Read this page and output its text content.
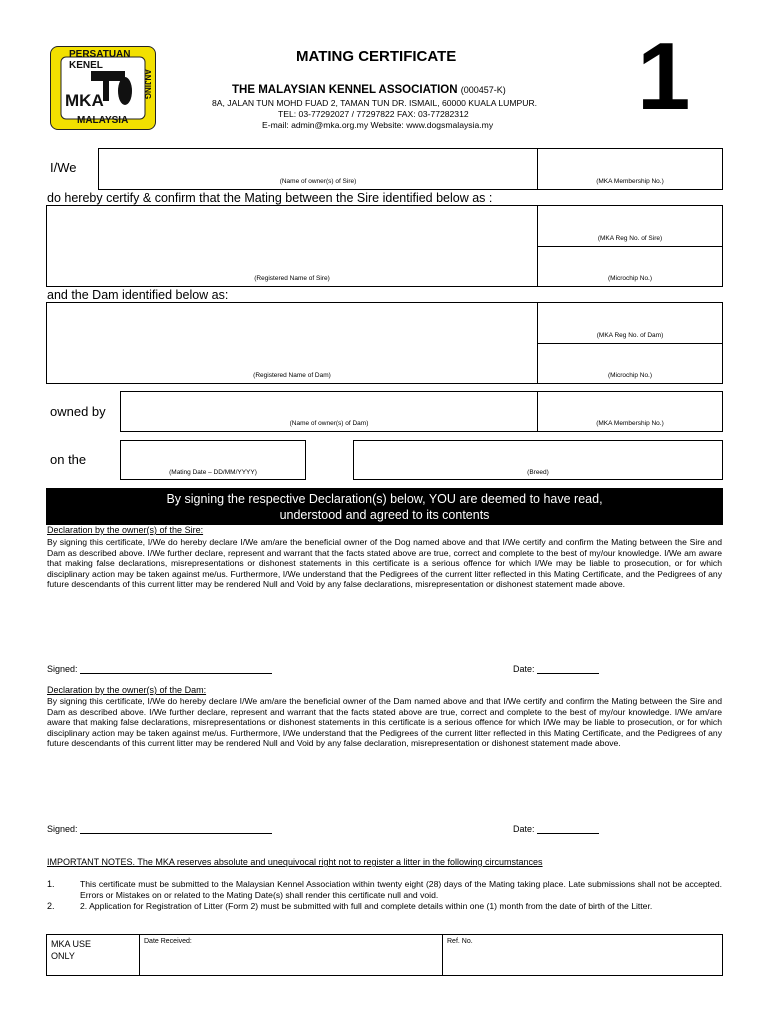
PERSATUAN KENEL
MKA
MALAYSIA
ANJING
MATING CERTIFICATE 1
THE MALAYSIAN KENNEL ASSOCIATION (000457-K)
8A, JALAN TUN MOHD FUAD 2, TAMAN TUN DR. ISMAIL, 60000 KUALA LUMPUR.
TEL: 03-77292027 / 77297822 FAX: 03-77282312
E-mail: admin@mka.org.my Website: www.dogsmalaysia.my
I/We
(Name of owner(s) of Sire)	(MKA Membership No.)
do hereby certify & confirm that the Mating between the Sire identified below as :
(MKA Reg No. of Sire)
(Registered Name of Sire)	(Microchip No.)
and the Dam identified below as:
(MKA Reg No. of Dam)
(Registered Name of Dam)	(Microchip No.)
owned by
(Name of owner(s) of Dam)	(MKA Membership No.)
on the
(Mating Date – DD/MM/YYYY)	(Breed)
By signing the respective Declaration(s) below, YOU are deemed to have read,
understood and agreed to its contents
Declaration by the owner(s) of the Sire:
By signing this certificate, I/We do hereby declare I/We am/are the beneficial owner of the Dog named above and that I/We certify and confirm the Mating between the Sire and Dam as described above. I/We further declare, represent and warrant that the facts stated above are true, correct and complete to the best of my/our knowledge. I/We am aware that making false declarations, misrepresentations or dishonest statements in this certificate is a serious offence for which I/We may be liable to prosecution, or for which disciplinary action may be taken against me/us. Furthermore, I/We understand that the Pedigrees of the current litter reflected in this Mating Certificate, and the Pedigrees of any future descendants of this current litter may be rendered Null and Void by any false declarations, misrepresentation or dishonest statement made above.
Signed:	Date:
Declaration by the owner(s) of the Dam:
By signing this certificate, I/We do hereby declare I/We am/are the beneficial owner of the Dam named above and that I/We certify and confirm the Mating between the Sire and Dam as described above. I/We further declare, represent and warrant that the facts stated above are true, correct and complete to the best of my/our knowledge. I/We am/are aware that making false declarations, misrepresentations or dishonest statements in this certificate is a serious offence for which I/We may be liable to prosecution, or for which disciplinary action may be taken against me/us. Furthermore, I/We understand that the Pedigrees of the current litter reflected in this Mating Certificate, and the Pedigrees of any future descendants of this current litter may be rendered Null and Void by any false declaration, misrepresentation or dishonest statement made above.
Signed:	Date:
IMPORTANT NOTES. The MKA reserves absolute and unequivocal right not to register a litter in the following circumstances
1.	This certificate must be submitted to the Malaysian Kennel Association within twenty eight (28) days of the Mating taking place. Late submissions shall not be accepted. Errors or Mistakes on or related to the Mating Date(s) shall render this certificate null and void.
2.	2. Application for Registration of Litter (Form 2) must be submitted with full and complete details within one (1) month from the date of birth of the Litter.
MKA USE ONLY
Date Received:	Ref. No.
